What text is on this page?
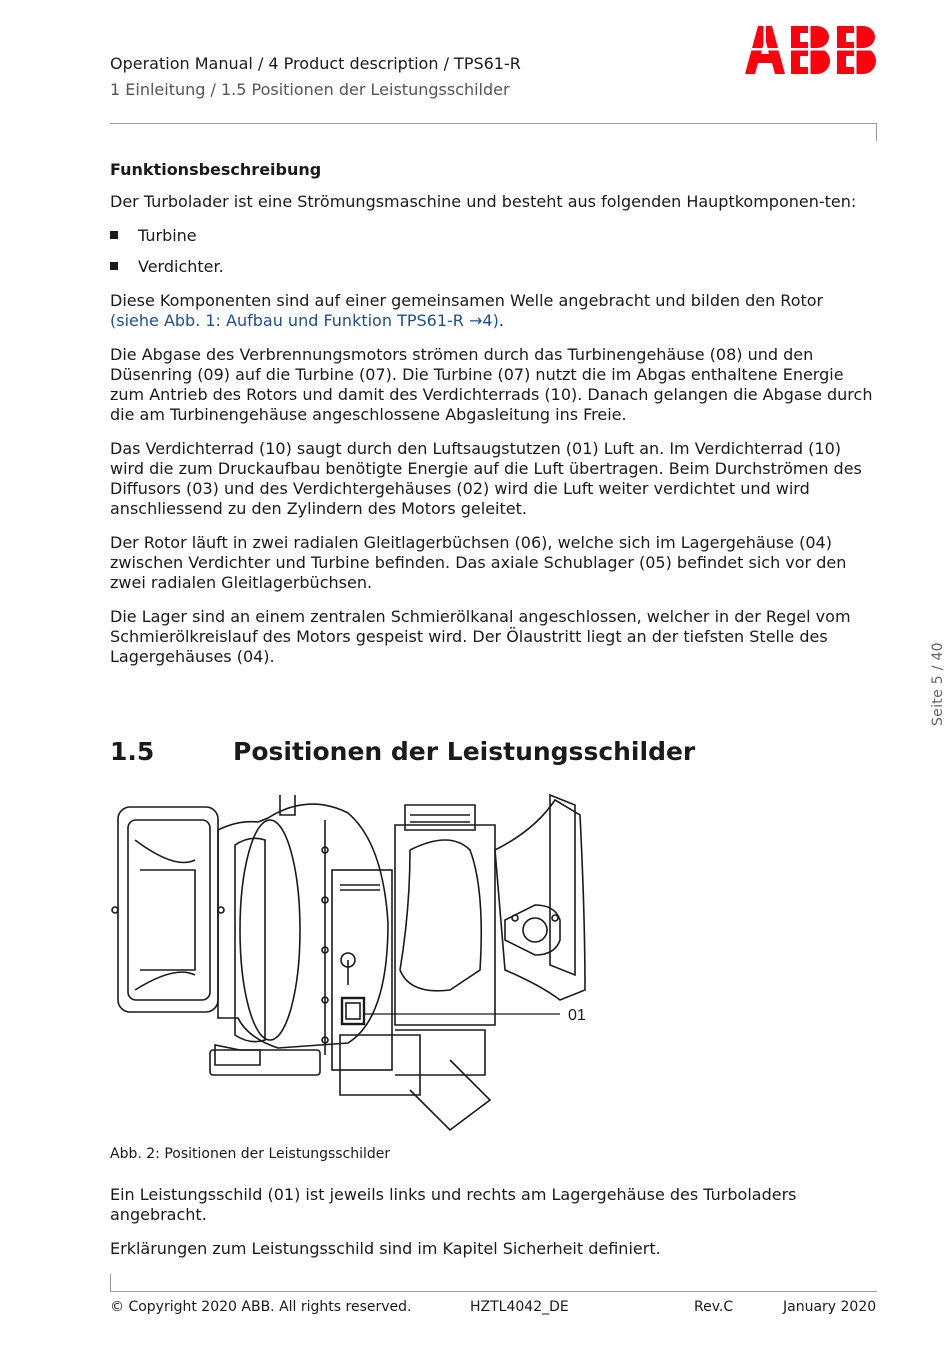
Operation Manual / 4 Product description / TPS61-R
1 Einleitung / 1.5 Positionen der Leistungsschilder
Funktionsbeschreibung

Der Turbolader ist eine Strömungsmaschine und besteht aus folgenden Hauptkomponen-ten:

Turbine
Verdichter.

Diese Komponenten sind auf einer gemeinsamen Welle angebracht und bilden den Rotor (siehe Abb. 1: Aufbau und Funktion TPS61-R →4).

Die Abgase des Verbrennungsmotors strömen durch das Turbinengehäuse (08) und den Düsenring (09) auf die Turbine (07). Die Turbine (07) nutzt die im Abgas enthaltene Energie zum Antrieb des Rotors und damit des Verdichterrads (10). Danach gelangen die Abgase durch die am Turbinengehäuse angeschlossene Abgasleitung ins Freie.

Das Verdichterrad (10) saugt durch den Luftsaugstutzen (01) Luft an. Im Verdichterrad (10) wird die zum Druckaufbau benötigte Energie auf die Luft übertragen. Beim Durchströmen des Diffusors (03) und des Verdichtergehäuses (02) wird die Luft weiter verdichtet und wird anschliessend zu den Zylindern des Motors geleitet.

Der Rotor läuft in zwei radialen Gleitlagerbüchsen (06), welche sich im Lagergehäuse (04) zwischen Verdichter und Turbine befinden. Das axiale Schublager (05) befindet sich vor den zwei radialen Gleitlagerbüchsen.

Die Lager sind an einem zentralen Schmierölkanal angeschlossen, welcher in der Regel vom Schmierölkreislauf des Motors gespeist wird. Der Ölaustritt liegt an der tiefsten Stelle des Lagergehäuses (04).

1.5	Positionen der Leistungsschilder
01
Abb. 2: Positionen der Leistungsschilder

Ein Leistungsschild (01) ist jeweils links und rechts am Lagergehäuse des Turboladers angebracht.

Erklärungen zum Leistungsschild sind im Kapitel Sicherheit definiert.

Seite 5 / 40
© Copyright 2020 ABB. All rights reserved.	HZTL4042_DE	Rev.C	January 2020
